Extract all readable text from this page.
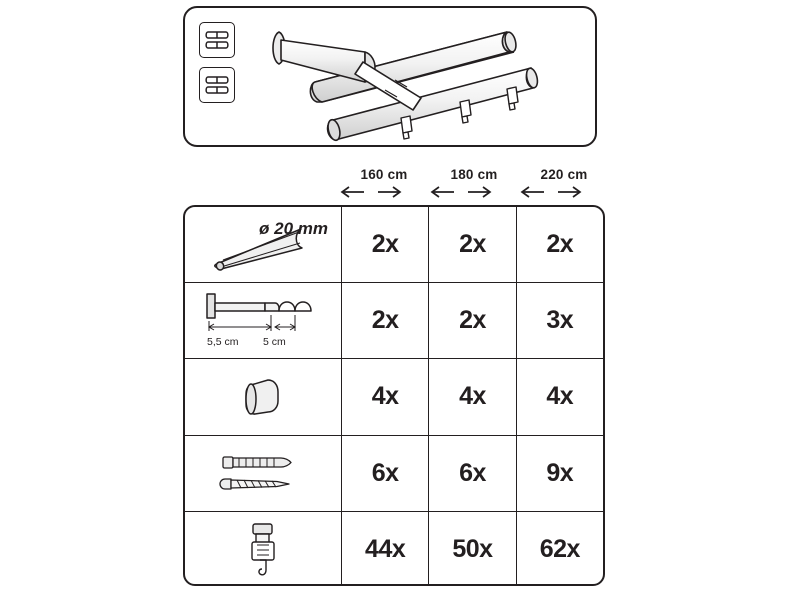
160 cm	180 cm	220 cm
ø 20 mm
2x	2x	2x
5,5 cm 5 cm
2x	2x	3x
4x	4x	4x
6x	6x	9x
44x	50x	62x
